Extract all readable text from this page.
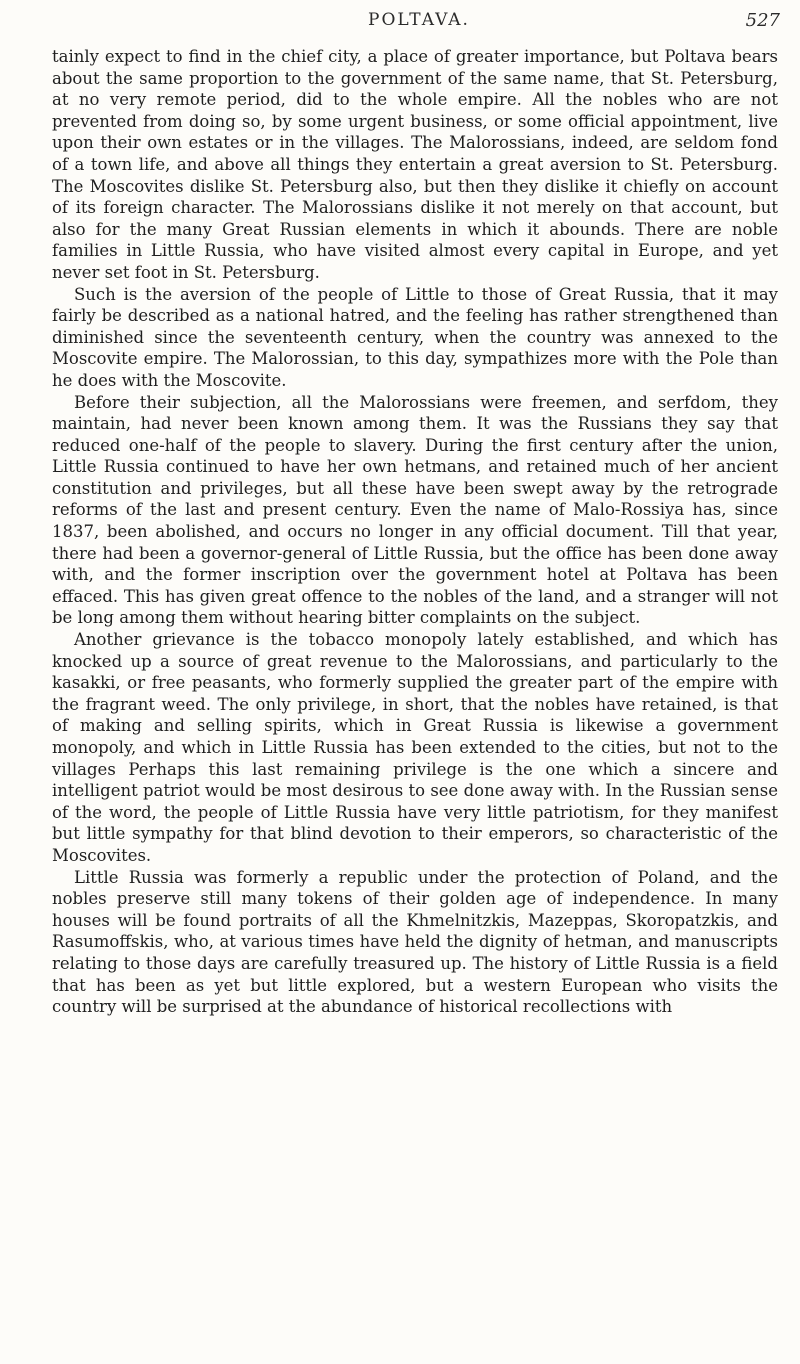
POLTAVA.	527

tainly expect to find in the chief city, a place of greater importance, but Poltava bears about the same proportion to the government of the same name, that St. Petersburg, at no very remote period, did to the whole empire. All the nobles who are not prevented from doing so, by some urgent business, or some official appointment, live upon their own estates or in the villages. The Malorossians, indeed, are seldom fond of a town life, and above all things they entertain a great aversion to St. Petersburg. The Moscovites dislike St. Petersburg also, but then they dislike it chiefly on account of its foreign character. The Malorossians dislike it not merely on that account, but also for the many Great Russian elements in which it abounds. There are noble families in Little Russia, who have visited almost every capital in Europe, and yet never set foot in St. Petersburg.

Such is the aversion of the people of Little to those of Great Russia, that it may fairly be described as a national hatred, and the feeling has rather strengthened than diminished since the seventeenth century, when the country was annexed to the Moscovite empire. The Malorossian, to this day, sympathizes more with the Pole than he does with the Moscovite.

Before their subjection, all the Malorossians were freemen, and serfdom, they maintain, had never been known among them. It was the Russians they say that reduced one-half of the people to slavery. During the first century after the union, Little Russia continued to have her own hetmans, and retained much of her ancient constitution and privileges, but all these have been swept away by the retrograde reforms of the last and present century. Even the name of Malo-Rossiya has, since 1837, been abolished, and occurs no longer in any official document. Till that year, there had been a governor-general of Little Russia, but the office has been done away with, and the former inscription over the government hotel at Poltava has been effaced. This has given great offence to the nobles of the land, and a stranger will not be long among them without hearing bitter complaints on the subject.

Another grievance is the tobacco monopoly lately established, and which has knocked up a source of great revenue to the Malorossians, and particularly to the kasakki, or free peasants, who formerly supplied the greater part of the empire with the fragrant weed. The only privilege, in short, that the nobles have retained, is that of making and selling spirits, which in Great Russia is likewise a government monopoly, and which in Little Russia has been extended to the cities, but not to the villages Perhaps this last remaining privilege is the one which a sincere and intelligent patriot would be most desirous to see done away with. In the Russian sense of the word, the people of Little Russia have very little patriotism, for they manifest but little sympathy for that blind devotion to their emperors, so characteristic of the Moscovites.

Little Russia was formerly a republic under the protection of Poland, and the nobles preserve still many tokens of their golden age of independence. In many houses will be found portraits of all the Khmelnitzkis, Mazeppas, Skoropatzkis, and Rasumoffskis, who, at various times have held the dignity of hetman, and manuscripts relating to those days are carefully treasured up. The history of Little Russia is a field that has been as yet but little explored, but a western European who visits the country will be surprised at the abundance of historical recollections with
